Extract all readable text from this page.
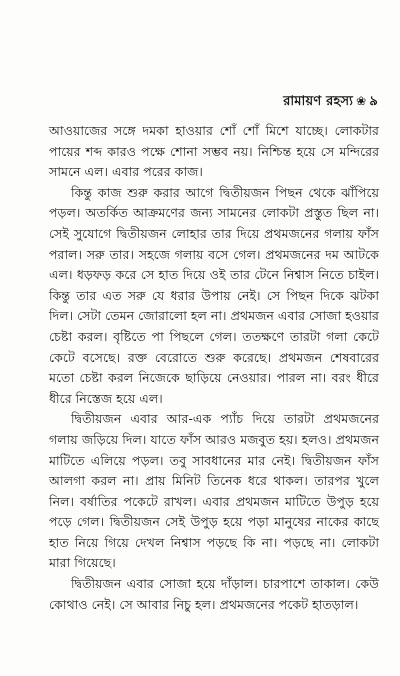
রামায়ণ রহস্য ❀ ৯

আওয়াজের সঙ্গে দমকা হাওয়ার শোঁ শোঁ মিশে যাচ্ছে। লোকটার পায়ের শব্দ কারও পক্ষে শোনা সম্ভব নয়। নিশ্চিন্ত হয়ে সে মন্দিরের সামনে এল। এবার পরের কাজ।

কিন্তু কাজ শুরু করার আগে দ্বিতীয়জন পিছন থেকে ঝাঁপিয়ে পড়ল। অতর্কিত আক্রমণের জন্য সামনের লোকটা প্রস্তুত ছিল না। সেই সুযোগে দ্বিতীয়জন লোহার তার দিয়ে প্রথমজনের গলায় ফাঁস পরাল। সরু তার। সহজে গলায় বসে গেল। প্রথমজনের দম আটকে এল। ধড়ফড় করে সে হাত দিয়ে ওই তার টেনে নিশ্বাস নিতে চাইল। কিন্তু তার এত সরু যে ধরার উপায় নেই। সে পিছন দিকে ঝটকা দিল। সেটা তেমন জোরালো হল না। প্রথমজন এবার সোজা হওয়ার চেষ্টা করল। বৃষ্টিতে পা পিছলে গেল। ততক্ষণে তারটা গলা কেটে কেটে বসেছে। রক্ত বেরোতে শুরু করেছে। প্রথমজন শেষবারের মতো চেষ্টা করল নিজেকে ছাড়িয়ে নেওয়ার। পারল না। বরং ধীরে ধীরে নিস্তেজ হয়ে এল।

দ্বিতীয়জন এবার আর-এক প্যাঁচ দিয়ে তারটা প্রথমজনের গলায় জড়িয়ে দিল। যাতে ফাঁস আরও মজবুত হয়। হলও। প্রথমজন মাটিতে এলিয়ে পড়ল। তবু সাবধানের মার নেই। দ্বিতীয়জন ফাঁস আলগা করল না। প্রায় মিনিট তিনেক ধরে থাকল। তারপর খুলে নিল। বর্ষাতির পকেটে রাখল। এবার প্রথমজন মাটিতে উপুড় হয়ে পড়ে গেল। দ্বিতীয়জন সেই উপুড় হয়ে পড়া মানুষের নাকের কাছে হাত নিয়ে গিয়ে দেখল নিশ্বাস পড়ছে কি না। পড়ছে না। লোকটা মারা গিয়েছে।

দ্বিতীয়জন এবার সোজা হয়ে দাঁড়াল। চারপাশে তাকাল। কেউ কোথাও নেই। সে আবার নিচু হল। প্রথমজনের পকেট হাতড়াল।
